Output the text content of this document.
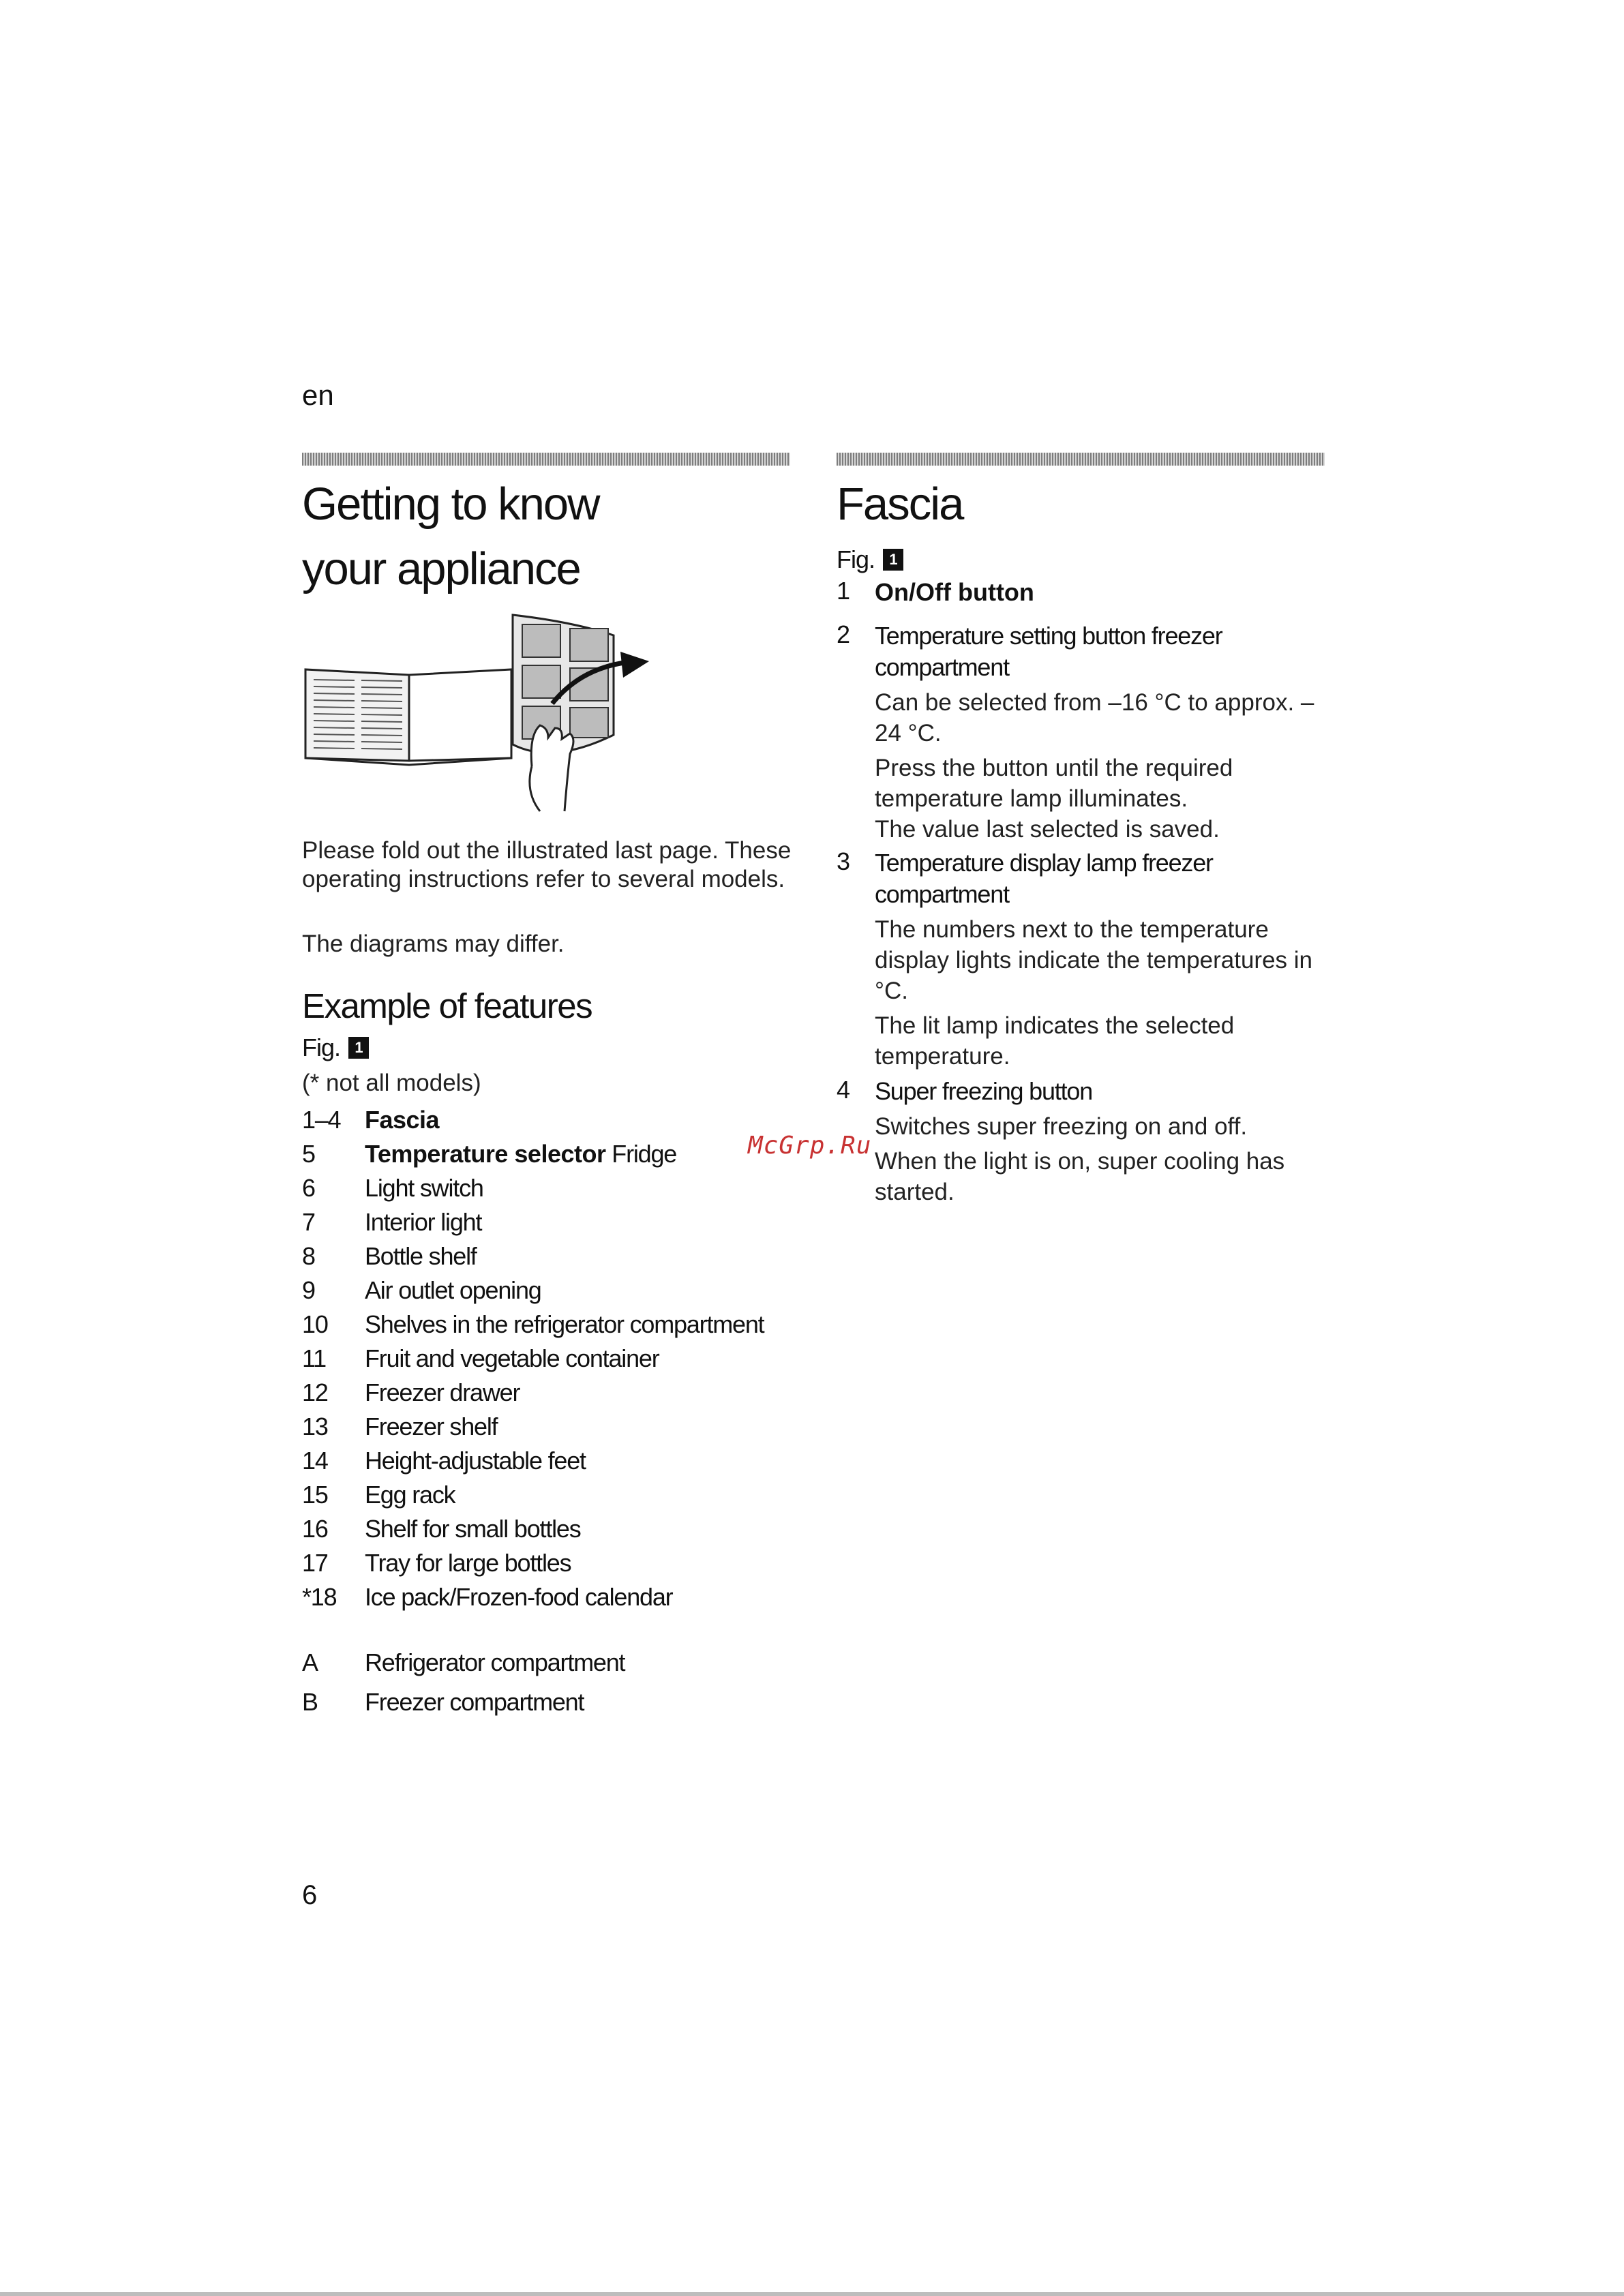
en
Getting to know
your appliance

Please fold out the illustrated last page. These operating instructions refer to several models.

The diagrams may differ.

Example of features
Fig. 1
(* not all models)
1–4 Fascia
5	Temperature selector Fridge
6	Light switch
7	Interior light
8	Bottle shelf
9	Air outlet opening
10	Shelves in the refrigerator compartment
11	Fruit and vegetable container
12	Freezer drawer
13	Freezer shelf
14	Height-adjustable feet
15	Egg rack
16	Shelf for small bottles
17	Tray for large bottles
*18	Ice pack/Frozen-food calendar
A	Refrigerator compartment
B	Freezer compartment
Fascia
Fig. 1
1 On/Off button
2 Temperature setting button freezer compartment
Can be selected from –16 °C to approx. –24 °C.
Press the button until the required temperature lamp illuminates.
The value last selected is saved.
3 Temperature display lamp freezer compartment
The numbers next to the temperature display lights indicate the temperatures in °C.
The lit lamp indicates the selected temperature.
4 Super freezing button
Switches super freezing on and off.
When the light is on, super cooling has started.
McGrp.Ru
6
